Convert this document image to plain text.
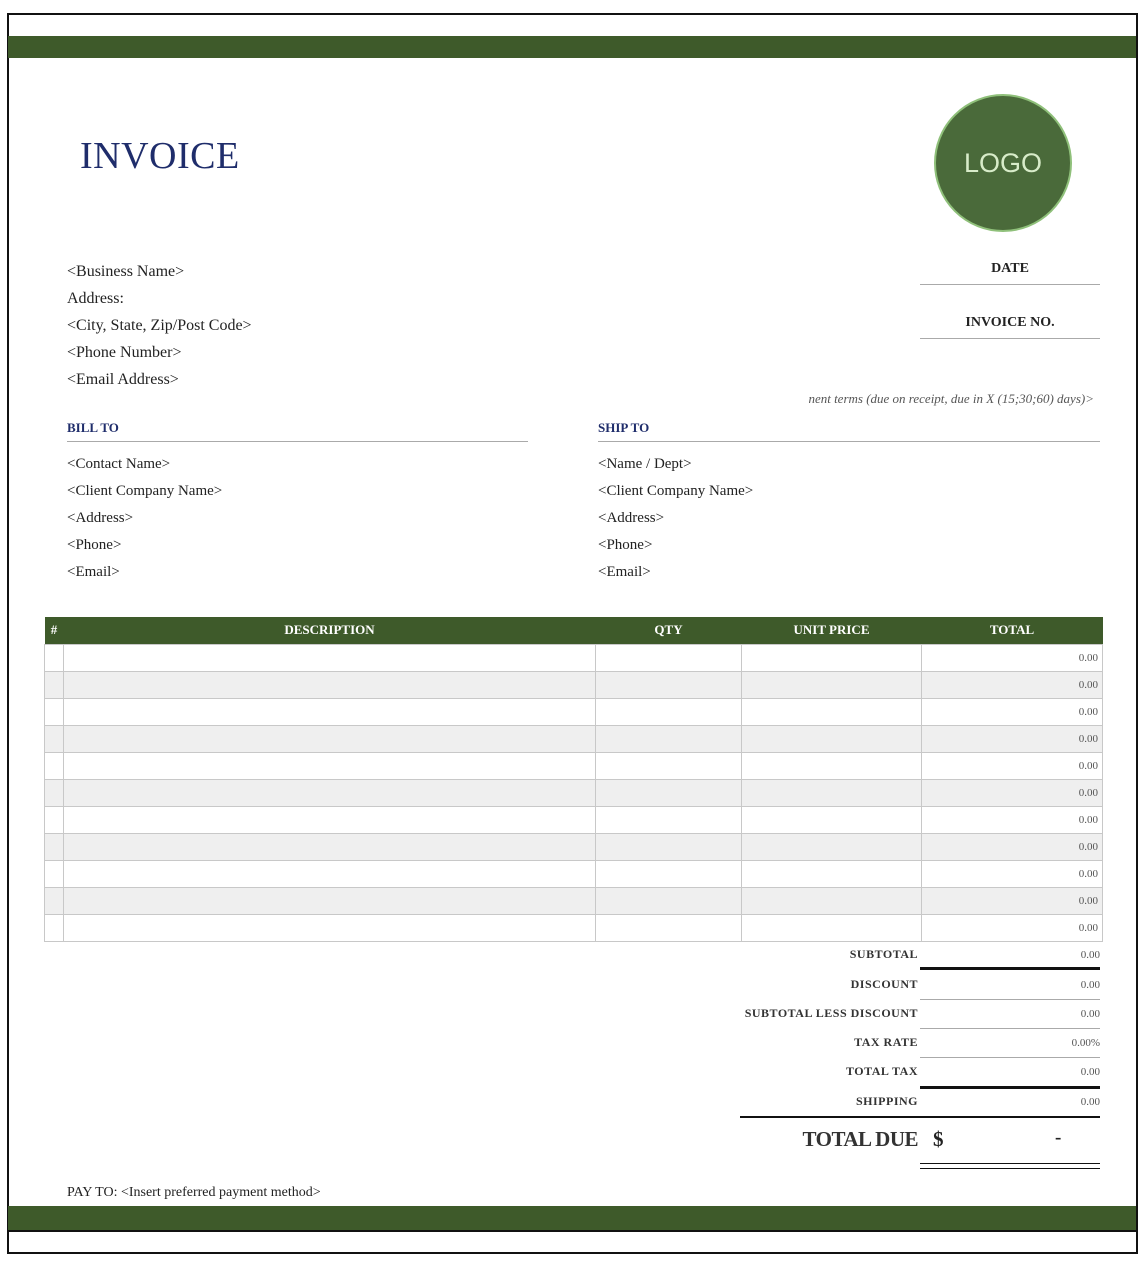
INVOICE	LOGO
<Business Name>
Address:
<City, State, Zip/Post Code>
<Phone Number>
<Email Address>
DATE
INVOICE NO.
nent terms (due on receipt, due in X (15;30;60) days)>
BILL TO
<Contact Name>
<Client Company Name>
<Address>
<Phone>
<Email>
SHIP TO
<Name / Dept>
<Client Company Name>
<Address>
<Phone>
<Email>
#	DESCRIPTION	QTY	UNIT PRICE	TOTAL
				0.00
				0.00
				0.00
				0.00
				0.00
				0.00
				0.00
				0.00
				0.00
				0.00
				0.00
SUBTOTAL	0.00
DISCOUNT	0.00
SUBTOTAL LESS DISCOUNT	0.00
TAX RATE	0.00%
TOTAL TAX	0.00
SHIPPING	0.00
TOTAL DUE $	-
PAY TO: <Insert preferred payment method>
